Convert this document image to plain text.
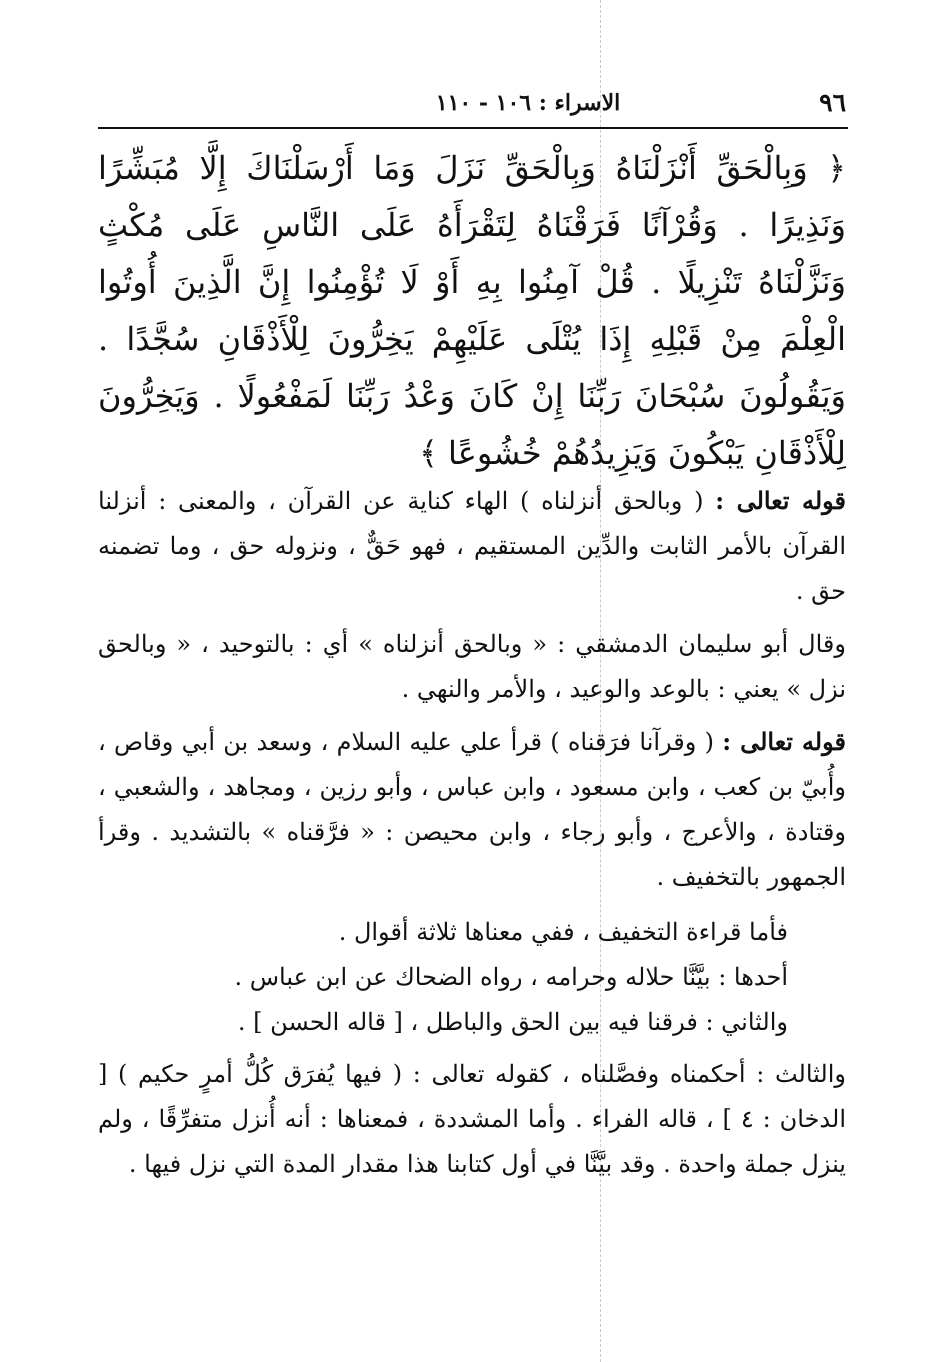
٩٦
الاسراء : ١٠٦ - ١١٠
﴿ وَبِالْحَقِّ أَنْزَلْنَاهُ وَبِالْحَقِّ نَزَلَ وَمَا أَرْسَلْنَاكَ إِلَّا مُبَشِّرًا وَنَذِيرًا . وَقُرْآنًا فَرَقْنَاهُ لِتَقْرَأَهُ عَلَى النَّاسِ عَلَى مُكْثٍ وَنَزَّلْنَاهُ تَنْزِيلًا . قُلْ آمِنُوا بِهِ أَوْ لَا تُؤْمِنُوا إِنَّ الَّذِينَ أُوتُوا الْعِلْمَ مِنْ قَبْلِهِ إِذَا يُتْلَى عَلَيْهِمْ يَخِرُّونَ لِلْأَذْقَانِ سُجَّدًا . وَيَقُولُونَ سُبْحَانَ رَبِّنَا إِنْ كَانَ وَعْدُ رَبِّنَا لَمَفْعُولًا . وَيَخِرُّونَ لِلْأَذْقَانِ يَبْكُونَ وَيَزِيدُهُمْ خُشُوعًا ﴾

قوله تعالى : ( وبالحق أنزلناه ) الهاء كناية عن القرآن ، والمعنى : أنزلنا القرآن بالأمر الثابت والدِّين المستقيم ، فهو حَقٌّ ، ونزوله حق ، وما تضمنه حق .

وقال أبو سليمان الدمشقي : « وبالحق أنزلناه » أي : بالتوحيد ، « وبالحق نزل » يعني : بالوعد والوعيد ، والأمر والنهي .

قوله تعالى : ( وقرآنا فرَقناه ) قرأ علي عليه السلام ، وسعد بن أبي وقاص ، وأُبيّ بن كعب ، وابن مسعود ، وابن عباس ، وأبو رزين ، ومجاهد ، والشعبي ، وقتادة ، والأعرج ، وأبو رجاء ، وابن محيصن : « فرَّقناه » بالتشديد . وقرأ الجمهور بالتخفيف .

فأما قراءة التخفيف ، ففي معناها ثلاثة أقوال .

أحدها : بيَّنَّا حلاله وحرامه ، رواه الضحاك عن ابن عباس .

والثاني : فرقنا فيه بين الحق والباطل ، [ قاله الحسن ] .

والثالث : أحكمناه وفصَّلناه ، كقوله تعالى : ( فيها يُفرَق كُلُّ أمرٍ حكيم ) [ الدخان : ٤ ] ، قاله الفراء . وأما المشددة ، فمعناها : أنه أُنزل متفرِّقًا ، ولم ينزل جملة واحدة . وقد بيَّنَّا في أول كتابنا هذا مقدار المدة التي نزل فيها .
